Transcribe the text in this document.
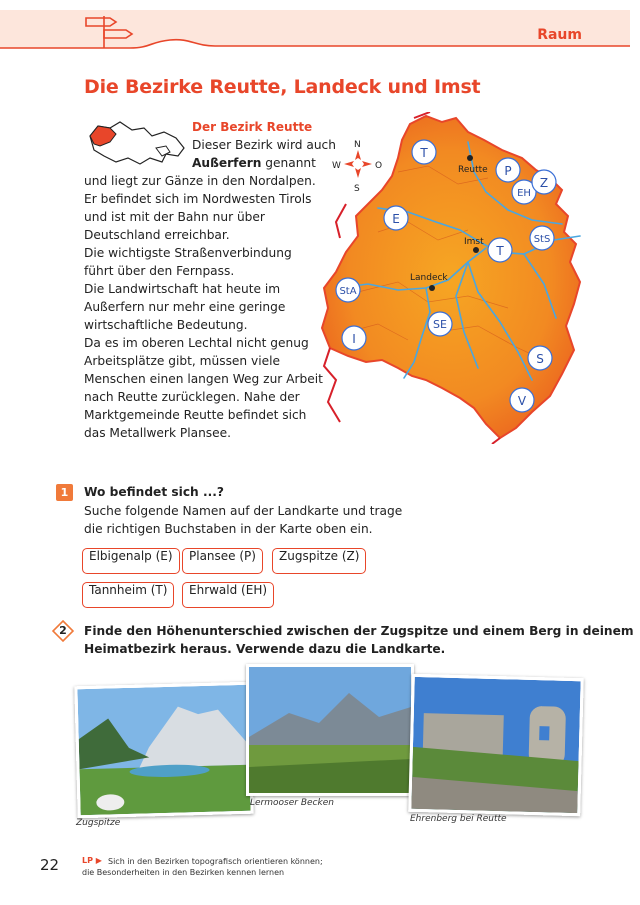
Raum
Die Bezirke Reutte, Landeck und Imst
Der Bezirk Reutte
Dieser Bezirk wird auch
Außerfern genannt
und liegt zur Gänze in den Nordalpen.
Er befindet sich im Nordwesten Tirols
und ist mit der Bahn nur über
Deutschland erreichbar.
Die wichtigste Straßenverbindung
führt über den Fernpass.
Die Landwirtschaft hat heute im
Außerfern nur mehr eine geringe
wirtschaftliche Bedeutung.
Da es im oberen Lechtal nicht genug
Arbeitsplätze gibt, müssen viele
Menschen einen langen Weg zur Arbeit
nach Reutte zurücklegen. Nahe der
Marktgemeinde Reutte befindet sich
das Metallwerk Plansee.
N
S
W	O	Reutte
Imst
Landeck
T
P
EH
Z
E
T
StS
StA
SE
I
S
V
1	Wo befindet sich ...?
Suche folgende Namen auf der Landkarte und trage
die richtigen Buchstaben in der Karte oben ein.
Elbigenalp (E)	Plansee (P)	Zugspitze (Z)
Tannheim (T)	Ehrwald (EH)
2	Finde den Höhenunterschied zwischen der Zugspitze und einem Berg in deinem
Heimatbezirk heraus. Verwende dazu die Landkarte.
Zugspitze
Lermooser Becken
Ehrenberg bei Reutte
22	LP ▶ Sich in den Bezirken topografisch orientieren können;
die Besonderheiten in den Bezirken kennen lernen
